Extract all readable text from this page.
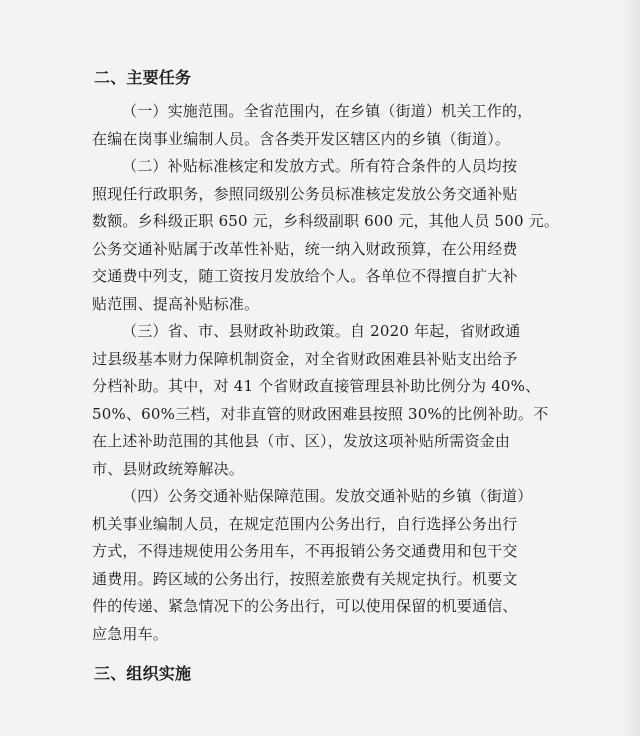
二、主要任务

（一）实施范围。全省范围内，在乡镇（街道）机关工作的，
在编在岗事业编制人员。含各类开发区辖区内的乡镇（街道）。

（二）补贴标准核定和发放方式。所有符合条件的人员均按
照现任行政职务，参照同级别公务员标准核定发放公务交通补贴
数额。乡科级正职 650 元，乡科级副职 600 元，其他人员 500 元。
公务交通补贴属于改革性补贴，统一纳入财政预算，在公用经费
交通费中列支，随工资按月发放给个人。各单位不得擅自扩大补
贴范围、提高补贴标准。

（三）省、市、县财政补助政策。自 2020 年起，省财政通
过县级基本财力保障机制资金，对全省财政困难县补贴支出给予
分档补助。其中，对 41 个省财政直接管理县补助比例分为 40%、
50%、60%三档，对非直管的财政困难县按照 30%的比例补助。不
在上述补助范围的其他县（市、区），发放这项补贴所需资金由
市、县财政统筹解决。

（四）公务交通补贴保障范围。发放交通补贴的乡镇（街道）
机关事业编制人员，在规定范围内公务出行，自行选择公务出行
方式，不得违规使用公务用车，不再报销公务交通费用和包干交
通费用。跨区域的公务出行，按照差旅费有关规定执行。机要文
件的传递、紧急情况下的公务出行，可以使用保留的机要通信、
应急用车。

三、组织实施
